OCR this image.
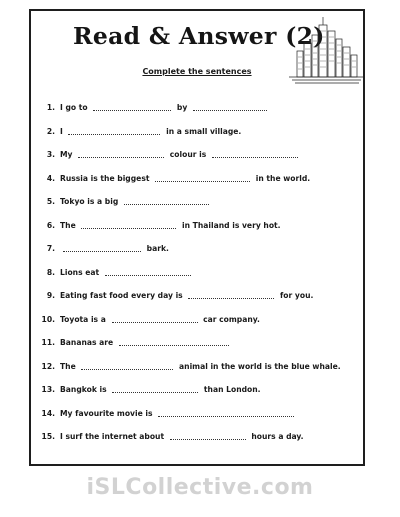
Read & Answer (2)
Complete the sentences
1. I go to	by
2. I	in a small village.
3. My	colour is
4. Russia is the biggest	in the world.
5. Tokyo is a big
6. The	in Thailand is very hot.
7.	bark.
8. Lions eat
9. Eating fast food every day is	for you.
10. Toyota is a	car company.
11. Bananas are
12. The	animal in the world is the blue whale.
13. Bangkok is	than London.
14. My favourite movie is
15. I surf the internet about	hours a day.
iSLCollective.com
